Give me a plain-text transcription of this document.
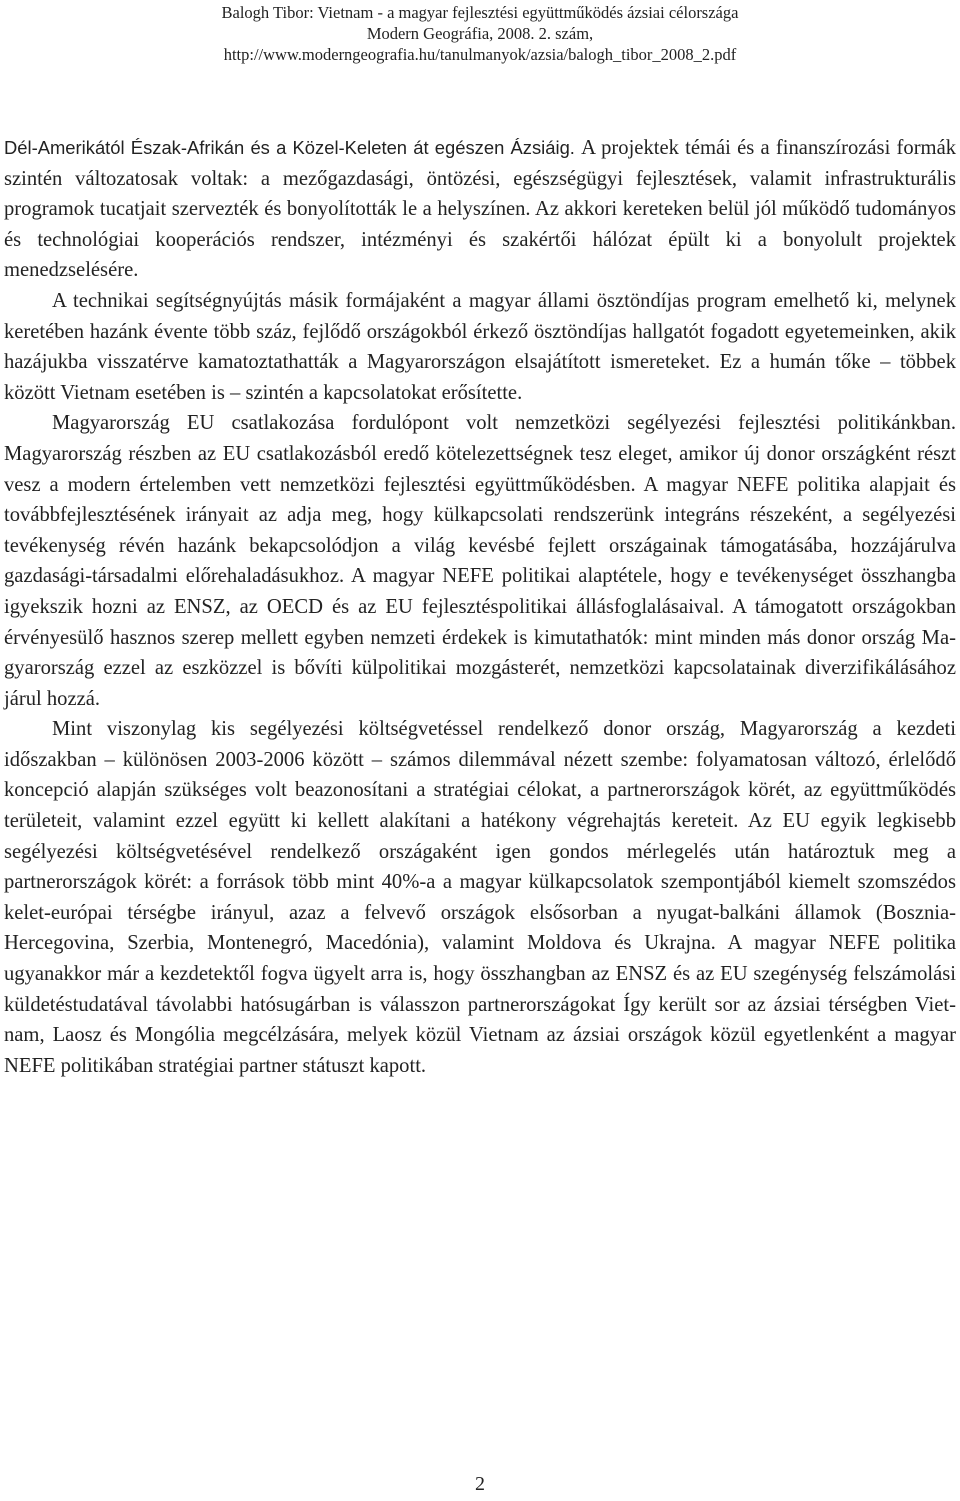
Balogh Tibor: Vietnam - a magyar fejlesztési együttműködés ázsiai célországa
Modern Geográfia, 2008. 2. szám,
http://www.moderngeografia.hu/tanulmanyok/azsia/balogh_tibor_2008_2.pdf

Dél-Amerikától Észak-Afrikán és a Közel-Keleten át egészen Ázsiáig. A projektek témái és a finanszírozási formák szintén változatosak voltak: a mezőgazdasági, öntözési, egészségügyi fejlesztések, valamit infrastrukturális programok tucatjait szervezték és bonyolították le a helyszínen. Az akkori kereteken belül jól működő tudományos és technológiai kooperációs rendszer, intézményi és szakértői hálózat épült ki a bonyolult projektek menedzselésére.

A technikai segítségnyújtás másik formájaként a magyar állami ösztöndíjas program emelhető ki, melynek keretében hazánk évente több száz, fejlődő országokból érkező ösztöndíjas hallgatót fogadott egyetemeinken, akik hazájukba visszatérve kamatoztathatták a Magyarországon elsajátított ismereteket. Ez a humán tőke – többek között Vietnam esetében is – szintén a kapcsolatokat erősítette.

Magyarország EU csatlakozása fordulópont volt nemzetközi segélyezési fejlesztési politikánkban. Magyarország részben az EU csatlakozásból eredő kötelezettségnek tesz eleget, amikor új donor országként részt vesz a modern értelemben vett nemzetközi fejlesztési együttműködésben. A magyar NEFE politika alapjait és továbbfejlesztésének irányait az adja meg, hogy külkapcsolati rendszerünk integráns részeként, a segélyezési tevékenység révén hazánk bekapcsolódjon a világ kevésbé fejlett országainak támogatásába, hozzájárulva gazdasági-társadalmi előrehaladásukhoz. A magyar NEFE politikai alaptétele, hogy e tevékenységet összhangba igyekszik hozni az ENSZ, az OECD és az EU fejlesztéspolitikai állásfoglalásaival. A támogatott országokban érvényesülő hasznos szerep mellett egyben nemzeti érdekek is kimutathatók: mint minden más donor ország Magyarország ezzel az eszközzel is bővíti külpolitikai mozgásterét, nemzetközi kapcsolatainak diverzifikálásához járul hozzá.

Mint viszonylag kis segélyezési költségvetéssel rendelkező donor ország, Magyarország a kezdeti időszakban – különösen 2003-2006 között – számos dilemmával nézett szembe: folyamatosan változó, érlelődő koncepció alapján szükséges volt beazonosítani a stratégiai célokat, a partnerországok körét, az együttműködés területeit, valamint ezzel együtt ki kellett alakítani a hatékony végrehajtás kereteit. Az EU egyik legkisebb segélyezési költségvetésével rendelkező országaként igen gondos mérlegelés után határoztuk meg a partnerországok körét: a források több mint 40%-a a magyar külkapcsolatok szempontjából kiemelt szomszédos kelet-európai térségbe irányul, azaz a felvevő országok elsősorban a nyugat-balkáni államok (Bosznia-Hercegovina, Szerbia, Montenegró, Macedónia), valamint Moldova és Ukrajna. A magyar NEFE politika ugyanakkor már a kezdetektől fogva ügyelt arra is, hogy összhangban az ENSZ és az EU szegénység felszámolási küldetéstudatával távolabbi hatósugárban is válasszon partnerországokat Így került sor az ázsiai térségben Vietnam, Laosz és Mongólia megcélzására, melyek közül Vietnam az ázsiai országok közül egyetlenként a magyar NEFE politikában stratégiai partner státuszt kapott.

2
